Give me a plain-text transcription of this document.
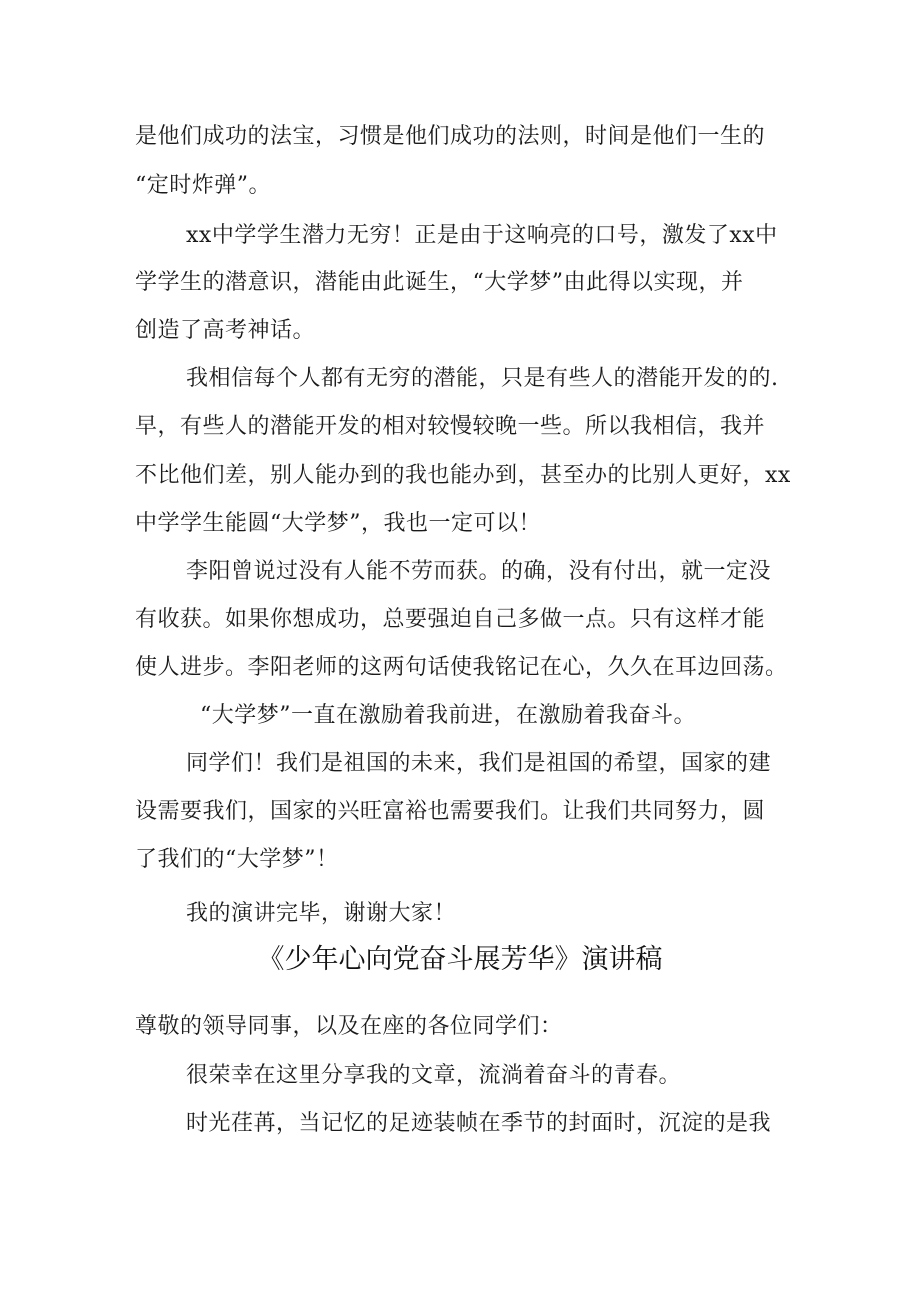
是他们成功的法宝，习惯是他们成功的法则，时间是他们一生的
“定时炸弹”。
xx中学学生潜力无穷！正是由于这响亮的口号，激发了xx中
学学生的潜意识，潜能由此诞生，“大学梦”由此得以实现，并
创造了高考神话。
我相信每个人都有无穷的潜能，只是有些人的潜能开发的的.
早，有些人的潜能开发的相对较慢较晚一些。所以我相信，我并
不比他们差，别人能办到的我也能办到，甚至办的比别人更好，xx
中学学生能圆“大学梦”，我也一定可以！
李阳曾说过没有人能不劳而获。的确，没有付出，就一定没
有收获。如果你想成功，总要强迫自己多做一点。只有这样才能
使人进步。李阳老师的这两句话使我铭记在心，久久在耳边回荡。
“大学梦”一直在激励着我前进，在激励着我奋斗。
同学们！我们是祖国的未来，我们是祖国的希望，国家的建
设需要我们，国家的兴旺富裕也需要我们。让我们共同努力，圆
了我们的“大学梦”！
我的演讲完毕，谢谢大家！
《少年心向党奋斗展芳华》演讲稿
尊敬的领导同事，以及在座的各位同学们：
很荣幸在这里分享我的文章，流淌着奋斗的青春。
时光荏苒，当记忆的足迹装帧在季节的封面时，沉淀的是我
